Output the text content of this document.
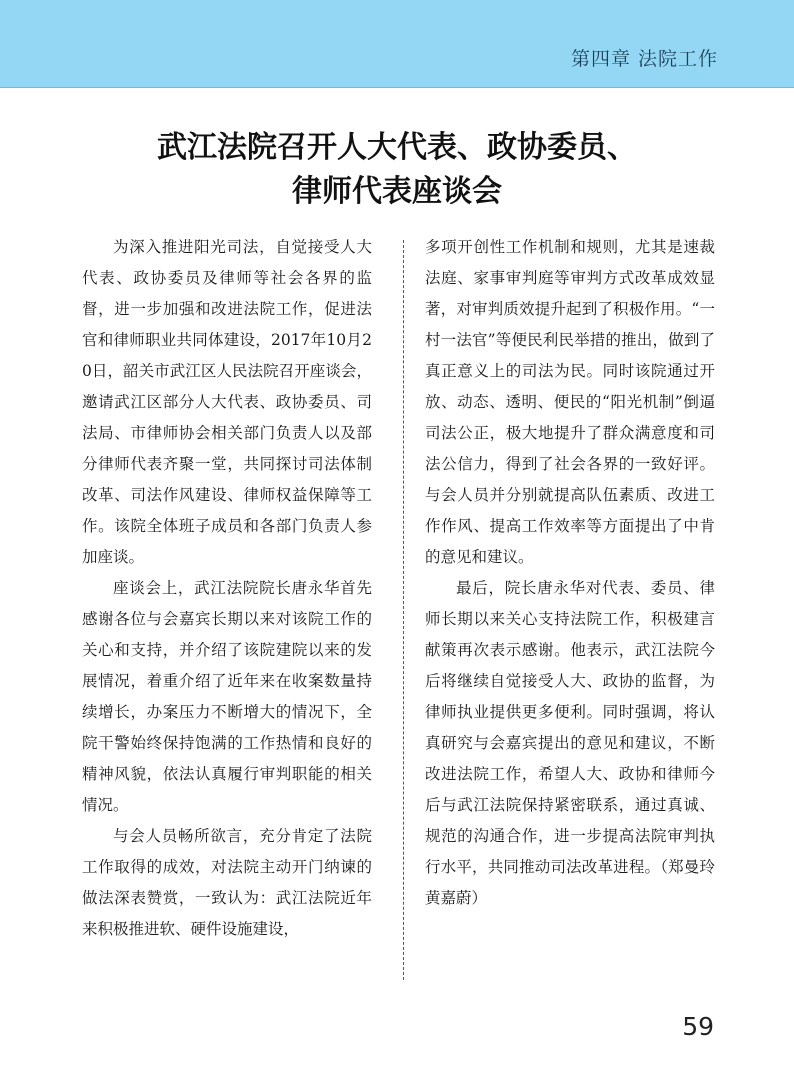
第四章 法院工作
武江法院召开人大代表、政协委员、
律师代表座谈会

为深入推进阳光司法，自觉接受人大代表、政协委员及律师等社会各界的监督，进一步加强和改进法院工作，促进法官和律师职业共同体建设，2017年10月20日，韶关市武江区人民法院召开座谈会，邀请武江区部分人大代表、政协委员、司法局、市律师协会相关部门负责人以及部分律师代表齐聚一堂，共同探讨司法体制改革、司法作风建设、律师权益保障等工作。该院全体班子成员和各部门负责人参加座谈。

座谈会上，武江法院院长唐永华首先感谢各位与会嘉宾长期以来对该院工作的关心和支持，并介绍了该院建院以来的发展情况，着重介绍了近年来在收案数量持续增长，办案压力不断增大的情况下，全院干警始终保持饱满的工作热情和良好的精神风貌，依法认真履行审判职能的相关情况。

与会人员畅所欲言，充分肯定了法院工作取得的成效，对法院主动开门纳谏的做法深表赞赏，一致认为：武江法院近年来积极推进软、硬件设施建设，

多项开创性工作机制和规则，尤其是速裁法庭、家事审判庭等审判方式改革成效显著，对审判质效提升起到了积极作用。“一村一法官”等便民利民举措的推出，做到了真正意义上的司法为民。同时该院通过开放、动态、透明、便民的“阳光机制”倒逼司法公正，极大地提升了群众满意度和司法公信力，得到了社会各界的一致好评。与会人员并分别就提高队伍素质、改进工作作风、提高工作效率等方面提出了中肯的意见和建议。

最后，院长唐永华对代表、委员、律师长期以来关心支持法院工作，积极建言献策再次表示感谢。他表示，武江法院今后将继续自觉接受人大、政协的监督，为律师执业提供更多便利。同时强调，将认真研究与会嘉宾提出的意见和建议，不断改进法院工作，希望人大、政协和律师今后与武江法院保持紧密联系，通过真诚、规范的沟通合作，进一步提高法院审判执行水平，共同推动司法改革进程。（郑曼玲 黄嘉蔚）

59
